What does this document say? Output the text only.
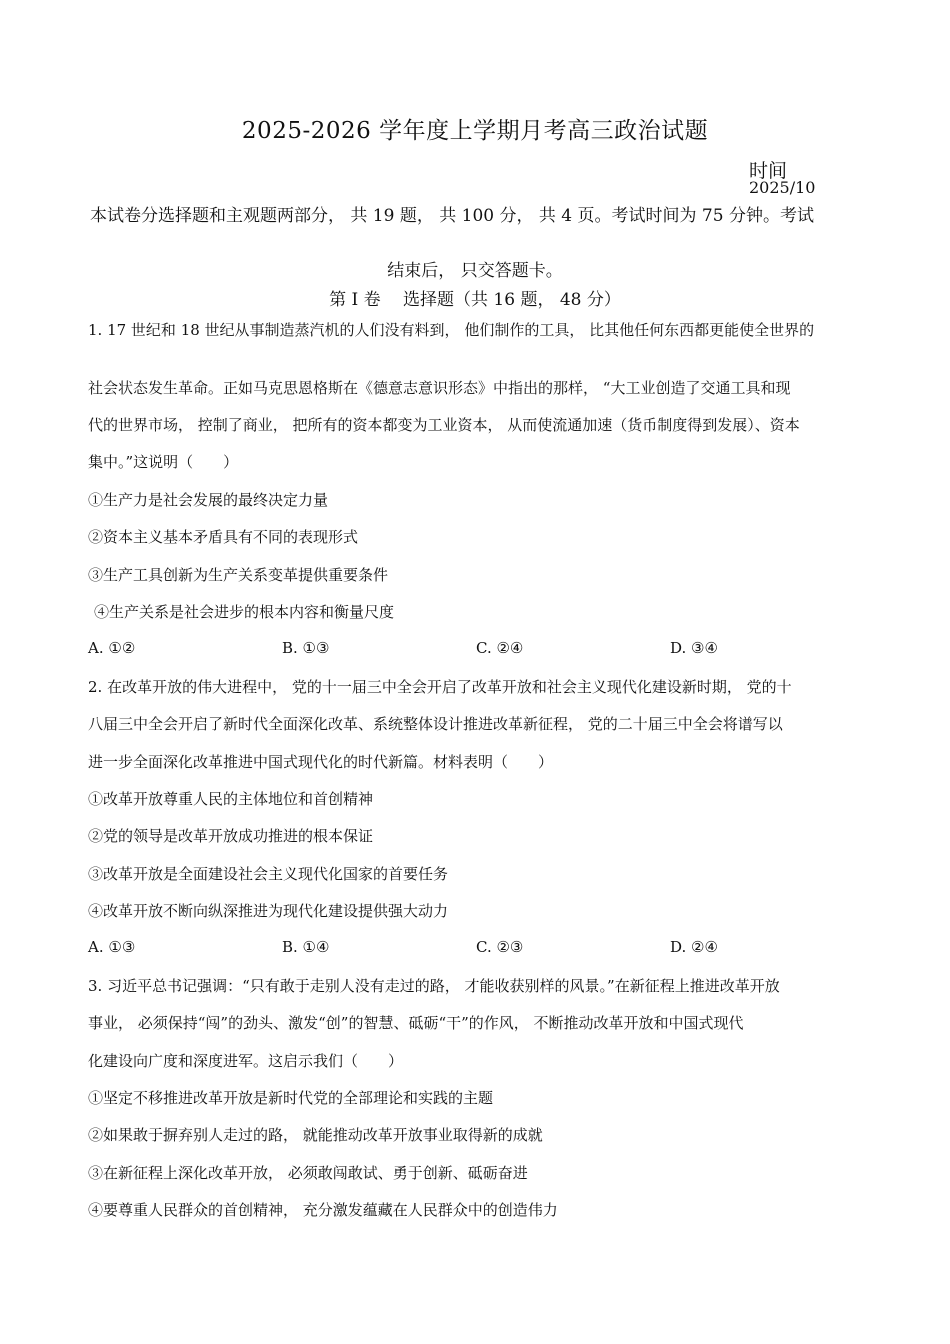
2025-2026 学年度上学期月考高三政治试题
时间
2025/10
本试卷分选择题和主观题两部分， 共 19 题， 共 100 分， 共 4 页。考试时间为 75 分钟。考试
结束后， 只交答题卡。
第 I 卷　 选择题（共 16 题， 48 分）
1. 17 世纪和 18 世纪从事制造蒸汽机的人们没有料到， 他们制作的工具， 比其他任何东西都更能使全世界的
社会状态发生革命。正如马克思恩格斯在《德意志意识形态》中指出的那样， “大工业创造了交通工具和现
代的世界市场， 控制了商业， 把所有的资本都变为工业资本， 从而使流通加速（货币制度得到发展）、资本
集中。”这说明（　　）
①生产力是社会发展的最终决定力量
②资本主义基本矛盾具有不同的表现形式
③生产工具创新为生产关系变革提供重要条件
④生产关系是社会进步的根本内容和衡量尺度
A. ①②	B. ①③	C. ②④	D. ③④
2. 在改革开放的伟大进程中， 党的十一届三中全会开启了改革开放和社会主义现代化建设新时期， 党的十
八届三中全会开启了新时代全面深化改革、系统整体设计推进改革新征程， 党的二十届三中全会将谱写以
进一步全面深化改革推进中国式现代化的时代新篇。材料表明（　　）
①改革开放尊重人民的主体地位和首创精神
②党的领导是改革开放成功推进的根本保证
③改革开放是全面建设社会主义现代化国家的首要任务
④改革开放不断向纵深推进为现代化建设提供强大动力
A. ①③	B. ①④	C. ②③	D. ②④
3. 习近平总书记强调：“只有敢于走别人没有走过的路， 才能收获别样的风景。”在新征程上推进改革开放
事业， 必须保持“闯”的劲头、激发“创”的智慧、砥砺“干”的作风， 不断推动改革开放和中国式现代
化建设向广度和深度进军。这启示我们（　　）
①坚定不移推进改革开放是新时代党的全部理论和实践的主题
②如果敢于摒弃别人走过的路， 就能推动改革开放事业取得新的成就
③在新征程上深化改革开放， 必须敢闯敢试、勇于创新、砥砺奋进
④要尊重人民群众的首创精神， 充分激发蕴藏在人民群众中的创造伟力
